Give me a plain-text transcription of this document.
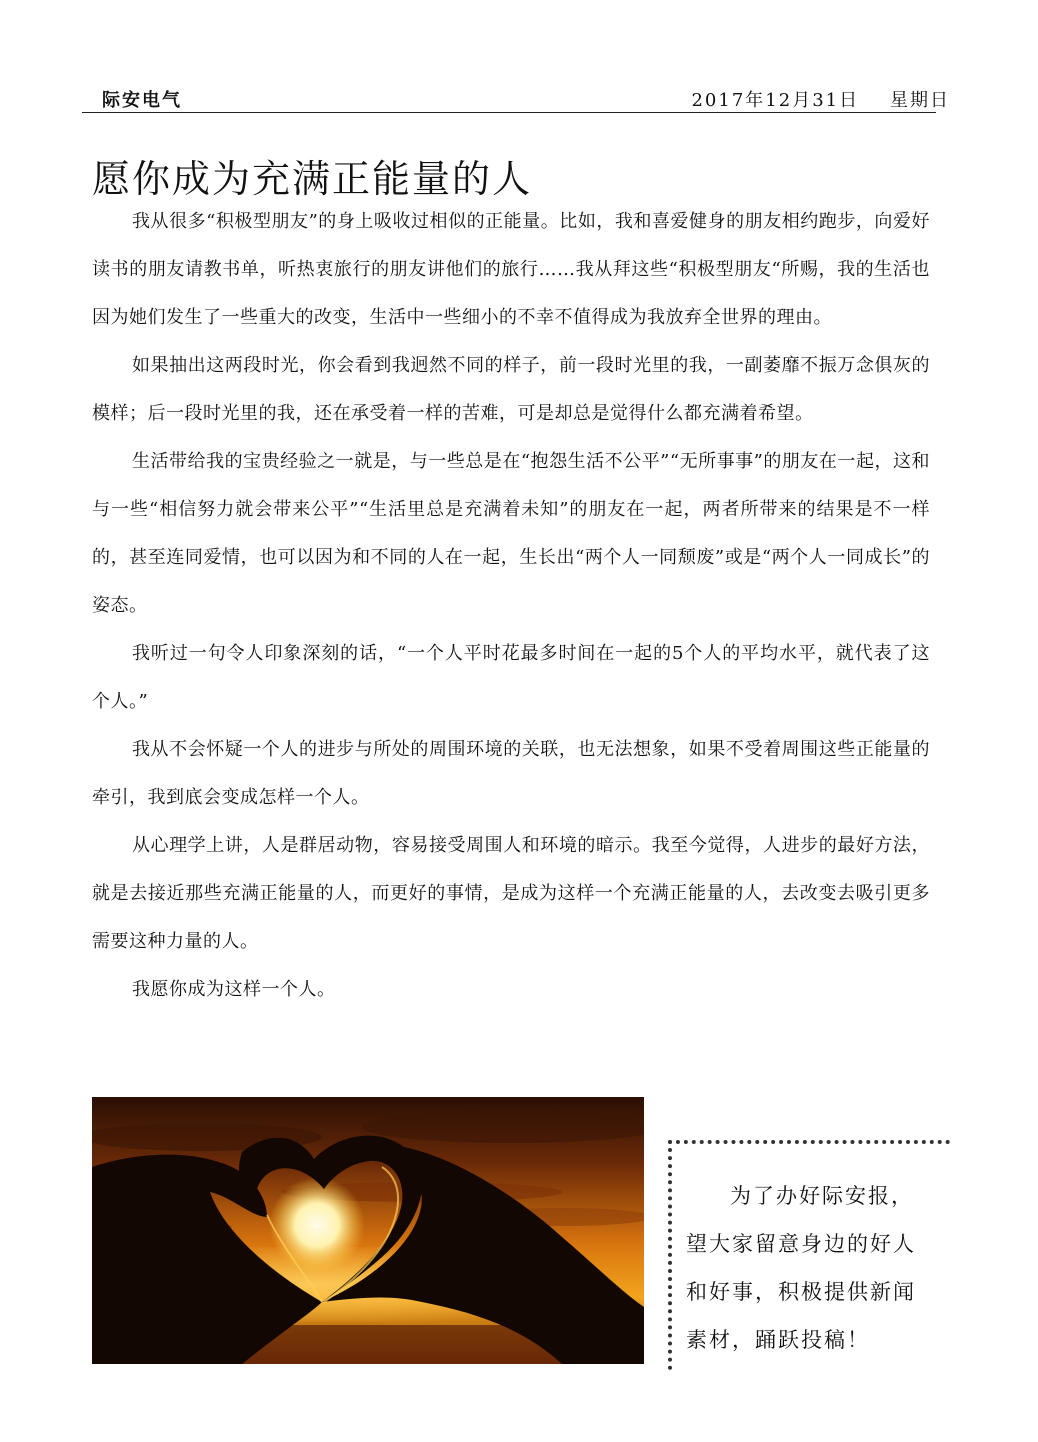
际安电气	2017年12月31日    星期日
愿你成为充满正能量的人

我从很多“积极型朋友”的身上吸收过相似的正能量。比如，我和喜爱健身的朋友相约跑步，向爱好读书的朋友请教书单，听热衷旅行的朋友讲他们的旅行……我从拜这些“积极型朋友“所赐，我的生活也因为她们发生了一些重大的改变，生活中一些细小的不幸不值得成为我放弃全世界的理由。

如果抽出这两段时光，你会看到我迥然不同的样子，前一段时光里的我，一副萎靡不振万念俱灰的模样；后一段时光里的我，还在承受着一样的苦难，可是却总是觉得什么都充满着希望。

生活带给我的宝贵经验之一就是，与一些总是在“抱怨生活不公平”“无所事事”的朋友在一起，这和与一些“相信努力就会带来公平”“生活里总是充满着未知”的朋友在一起，两者所带来的结果是不一样的，甚至连同爱情，也可以因为和不同的人在一起，生长出“两个人一同颓废”或是“两个人一同成长”的姿态。

我听过一句令人印象深刻的话，“一个人平时花最多时间在一起的5个人的平均水平，就代表了这个人。”

我从不会怀疑一个人的进步与所处的周围环境的关联，也无法想象，如果不受着周围这些正能量的牵引，我到底会变成怎样一个人。

从心理学上讲，人是群居动物，容易接受周围人和环境的暗示。我至今觉得，人进步的最好方法，就是去接近那些充满正能量的人，而更好的事情，是成为这样一个充满正能量的人，去改变去吸引更多需要这种力量的人。

我愿你成为这样一个人。

为了办好际安报，望大家留意身边的好人和好事，积极提供新闻素材，踊跃投稿！
